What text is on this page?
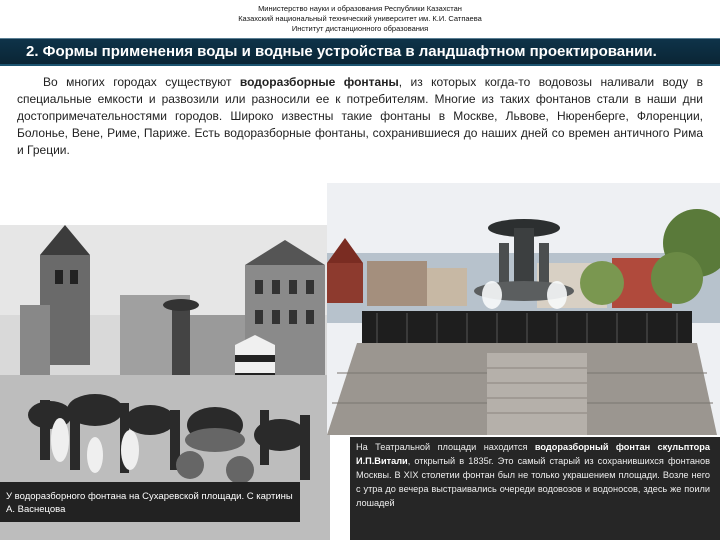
Министерство науки и образования Республики Казахстан
Казахский национальный технический университет им. К.И. Сатпаева
Институт дистанционного образования
2. Формы применения воды и водные устройства в ландшафтном проектировании.

Во многих городах существуют водоразборные фонтаны, из которых когда-то водовозы наливали воду в специальные емкости и развозили или разносили ее к потребителям. Многие из таких фонтанов стали в наши дни достопримечательностями городов. Широко известны такие фонтаны в Москве, Львове, Нюренберге, Флоренции, Болонье, Вене, Риме, Париже. Есть водоразборные фонтаны, сохранившиеся до наших дней со времен античного Рима и Греции.

У водоразборного фонтана на Сухаревской площади. С картины А. Васнецова
На Театральной площади находится водоразборный фонтан скульптора И.П.Витали, открытый в 1835г. Это самый старый из сохранившихся фонтанов Москвы. В XIX столетии фонтан был не только украшением площади. Возле него с утра до вечера выстраивались очереди водовозов и водоносов, здесь же поили лошадей
